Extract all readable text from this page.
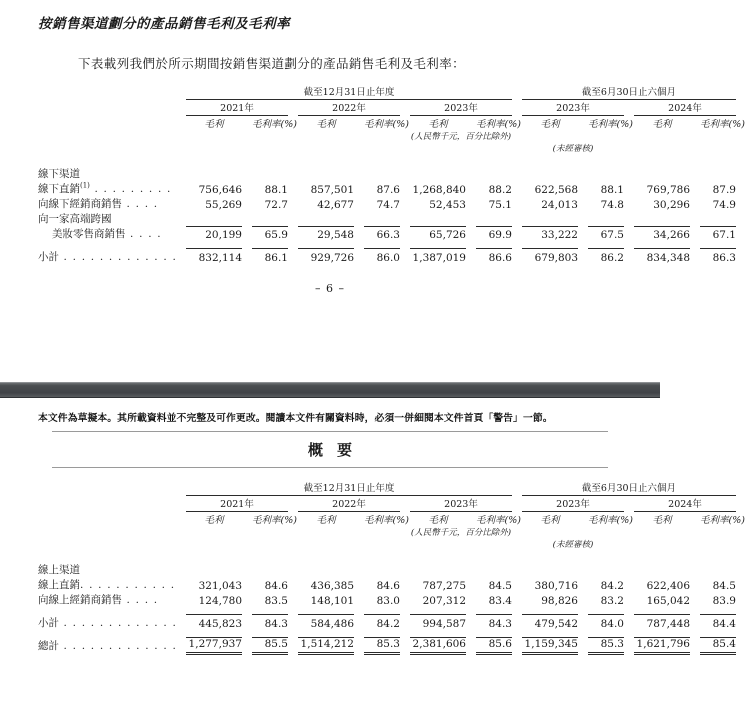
按銷售渠道劃分的產品銷售毛利及毛利率
下表載列我們於所示期間按銷售渠道劃分的產品銷售毛利及毛利率：

	截至12月31日止年度												截至6月30日止六個月							

	2021年				2022年				2023年				2023年				2024年			

	毛利		毛利率(%)		毛利		毛利率(%)		毛利		毛利率(%)		毛利		毛利率(%)		毛利		毛利率(%)	
									(人民幣千元，百分比除外)											
													(未經審核)							

線下渠道																				
線下直銷$^{(1)}$ . . . . . . . . .	756,646		88.1		857,501		87.6		1,268,840		88.2		622,568		88.1		769,786		87.9	
向線下經銷商銷售 . . . .	55,269		72.7		42,677		74.7		52,453		75.1		24,013		74.8		30,296		74.9	
向一家高端跨國																				
美妝零售商銷售 . . . .	20,199		65.9		29,548		66.3		65,726		69.9		33,222		67.5		34,266		67.1	

小計 . . . . . . . . . . . . .	832,114		86.1		929,726		86.0		1,387,019		86.6		679,803		86.2		834,348		86.3	
– 6 –
本文件為草擬本。其所載資料並不完整及可作更改。閱讀本文件有關資料時，必須一併細閱本文件首頁「警告」一節。
概要

	截至12月31日止年度												截至6月30日止六個月							

	2021年				2022年				2023年				2023年				2024年			

	毛利		毛利率(%)		毛利		毛利率(%)		毛利		毛利率(%)		毛利		毛利率(%)		毛利		毛利率(%)	
									(人民幣千元，百分比除外)											
													(未經審核)							

線上渠道																				
線上直銷. . . . . . . . . . .	321,043		84.6		436,385		84.6		787,275		84.5		380,716		84.2		622,406		84.5	
向線上經銷商銷售 . . . .	124,780		83.5		148,101		83.0		207,312		83.4		98,826		83.2		165,042		83.9	

小計 . . . . . . . . . . . . .	445,823		84.3		584,486		84.2		994,587		84.3		479,542		84.0		787,448		84.4	

總計 . . . . . . . . . . . . .	1,277,937		85.5		1,514,212		85.3		2,381,606		85.6		1,159,345		85.3		1,621,796		85.4	
